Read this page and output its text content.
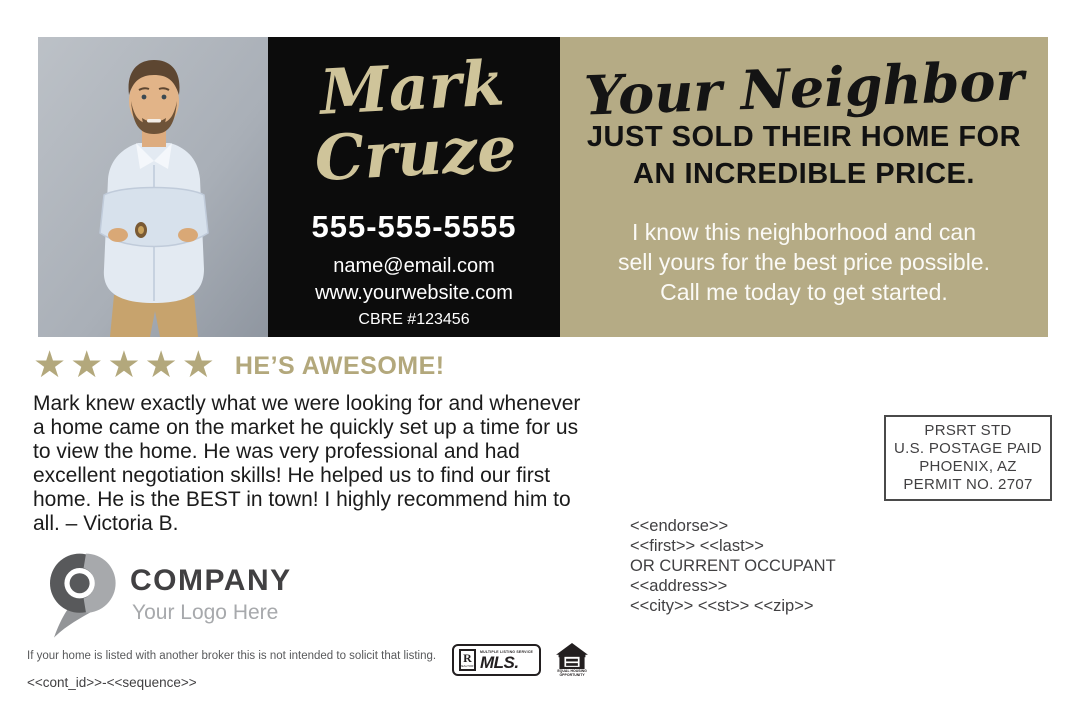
Mark
Cruze
555-555-5555
name@email.com
www.yourwebsite.com
CBRE #123456
Your Neighbor
JUST SOLD THEIR HOME FOR
AN INCREDIBLE PRICE.
I know this neighborhood and can
sell yours for the best price possible.
Call me today to get started.
★★★★★ HE’S AWESOME!

Mark knew exactly what we were looking for and whenever a home came on the market he quickly set up a time for us to view the home. He was very professional and had excellent negotiation skills! He helped us to find our first home. He is the BEST in town! I highly recommend him to all. – Victoria B.

PRSRT STD
U.S. POSTAGE PAID
PHOENIX, AZ
PERMIT NO. 2707
<<endorse>>
<<first>> <<last>>
OR CURRENT OCCUPANT
<<address>>
<<city>> <<st>> <<zip>>
COMPANY
Your Logo Here
If your home is listed with another broker this is not intended to solicit that listing. R
REALTOR®
MULTIPLE LISTING SERVICE
MLS.	EQUAL HOUSING OPPORTUNITY
<<cont_id>>-<<sequence>>
